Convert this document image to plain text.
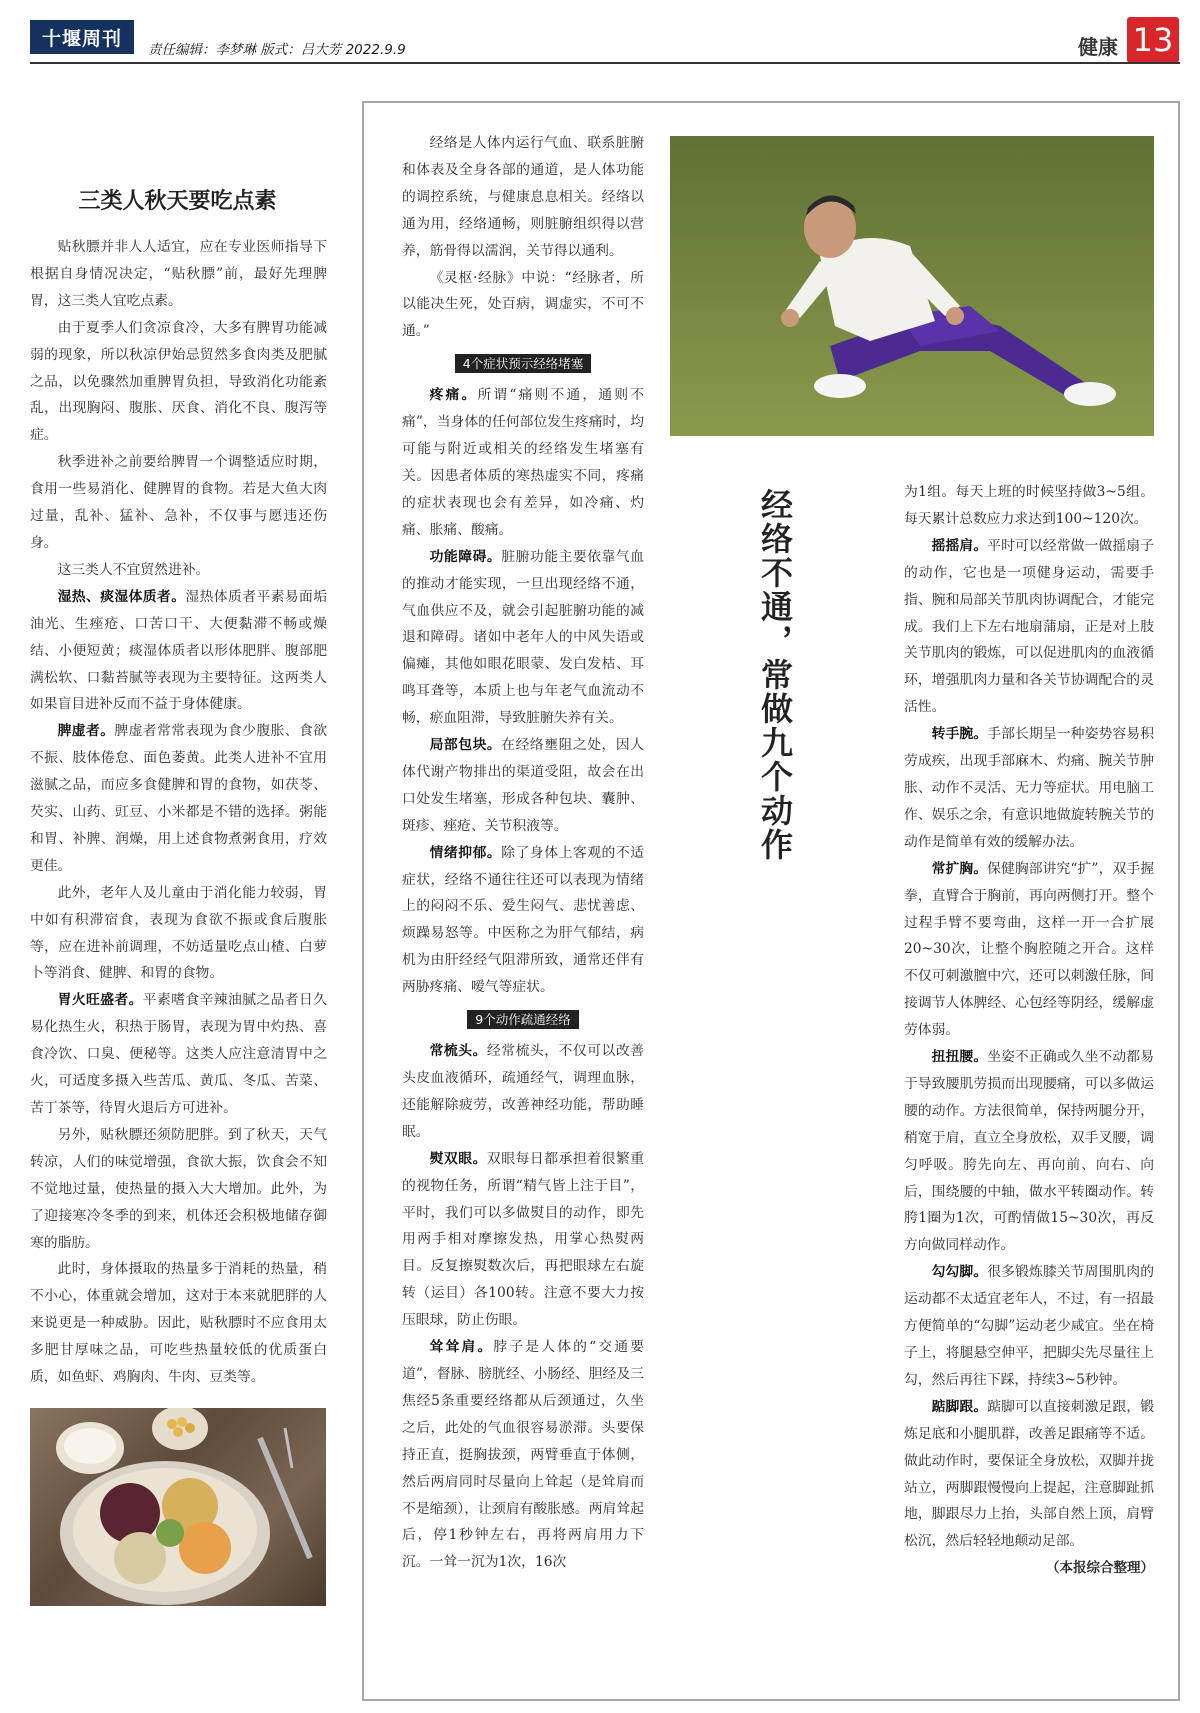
十堰周刊
责任编辑：李梦琳 版式：吕大芳 2022.9.9	健康 13
三类人秋天要吃点素

贴秋膘并非人人适宜，应在专业医师指导下根据自身情况决定，“贴秋膘”前，最好先理脾胃，这三类人宜吃点素。

由于夏季人们贪凉食冷，大多有脾胃功能减弱的现象，所以秋凉伊始忌贸然多食肉类及肥腻之品，以免骤然加重脾胃负担，导致消化功能紊乱，出现胸闷、腹胀、厌食、消化不良、腹泻等症。

秋季进补之前要给脾胃一个调整适应时期，食用一些易消化、健脾胃的食物。若是大鱼大肉过量，乱补、猛补、急补，不仅事与愿违还伤身。

这三类人不宜贸然进补。

湿热、痰湿体质者。湿热体质者平素易面垢油光、生痤疮、口苦口干、大便黏滞不畅或燥结、小便短黄；痰湿体质者以形体肥胖、腹部肥满松软、口黏苔腻等表现为主要特征。这两类人如果盲目进补反而不益于身体健康。

脾虚者。脾虚者常常表现为食少腹胀、食欲不振、肢体倦怠、面色萎黄。此类人进补不宜用滋腻之品，而应多食健脾和胃的食物，如茯苓、芡实、山药、豇豆、小米都是不错的选择。粥能和胃、补脾、润燥，用上述食物煮粥食用，疗效更佳。

此外，老年人及儿童由于消化能力较弱，胃中如有积滞宿食，表现为食欲不振或食后腹胀等，应在进补前调理，不妨适量吃点山楂、白萝卜等消食、健脾、和胃的食物。

胃火旺盛者。平素嗜食辛辣油腻之品者日久易化热生火，积热于肠胃，表现为胃中灼热、喜食冷饮、口臭、便秘等。这类人应注意清胃中之火，可适度多摄入些苦瓜、黄瓜、冬瓜、苦菜、苦丁茶等，待胃火退后方可进补。

另外，贴秋膘还须防肥胖。到了秋天，天气转凉，人们的味觉增强，食欲大振，饮食会不知不觉地过量，使热量的摄入大大增加。此外，为了迎接寒冷冬季的到来，机体还会积极地储存御寒的脂肪。

此时，身体摄取的热量多于消耗的热量，稍不小心，体重就会增加，这对于本来就肥胖的人来说更是一种威胁。因此，贴秋膘时不应食用太多肥甘厚味之品，可吃些热量较低的优质蛋白质，如鱼虾、鸡胸肉、牛肉、豆类等。

经络是人体内运行气血、联系脏腑和体表及全身各部的通道，是人体功能的调控系统，与健康息息相关。经络以通为用，经络通畅，则脏腑组织得以营养，筋骨得以濡润，关节得以通利。

《灵枢·经脉》中说：“经脉者，所以能决生死，处百病，调虚实，不可不通。”

4个症状预示经络堵塞

疼痛。所谓“痛则不通，通则不痛”，当身体的任何部位发生疼痛时，均可能与附近或相关的经络发生堵塞有关。因患者体质的寒热虚实不同，疼痛的症状表现也会有差异，如冷痛、灼痛、胀痛、酸痛。

功能障碍。脏腑功能主要依靠气血的推动才能实现，一旦出现经络不通，气血供应不及，就会引起脏腑功能的减退和障碍。诸如中老年人的中风失语或偏瘫，其他如眼花眼蒙、发白发枯、耳鸣耳聋等，本质上也与年老气血流动不畅，瘀血阻滞，导致脏腑失养有关。

局部包块。在经络壅阻之处，因人体代谢产物排出的渠道受阻，故会在出口处发生堵塞，形成各种包块、囊肿、斑疹、痤疮、关节积液等。

情绪抑郁。除了身体上客观的不适症状，经络不通往往还可以表现为情绪上的闷闷不乐、爱生闷气、悲忧善虑、烦躁易怒等。中医称之为肝气郁结，病机为由肝经经气阻滞所致，通常还伴有两胁疼痛、嗳气等症状。

9个动作疏通经络

常梳头。经常梳头，不仅可以改善头皮血液循环，疏通经气，调理血脉，还能解除疲劳，改善神经功能，帮助睡眠。

熨双眼。双眼每日都承担着很繁重的视物任务，所谓“精气皆上注于目”，平时，我们可以多做熨目的动作，即先用两手相对摩擦发热，用掌心热熨两目。反复擦熨数次后，再把眼球左右旋转（运目）各100转。注意不要大力按压眼球，防止伤眼。

耸耸肩。脖子是人体的“交通要道”，督脉、膀胱经、小肠经、胆经及三焦经5条重要经络都从后颈通过，久坐之后，此处的气血很容易淤滞。头要保持正直，挺胸拔颈，两臂垂直于体侧，然后两肩同时尽量向上耸起（是耸肩而不是缩颈），让颈肩有酸胀感。两肩耸起后，停1秒钟左右，再将两肩用力下沉。一耸一沉为1次，16次

经络不通，常做九个动作	为1组。每天上班的时候坚持做3~5组。每天累计总数应力求达到100~120次。

摇摇肩。平时可以经常做一做摇扇子的动作，它也是一项健身运动，需要手指、腕和局部关节肌肉协调配合，才能完成。我们上下左右地扇蒲扇，正是对上肢关节肌肉的锻炼，可以促进肌肉的血液循环，增强肌肉力量和各关节协调配合的灵活性。

转手腕。手部长期呈一种姿势容易积劳成疾，出现手部麻木、灼痛、腕关节肿胀、动作不灵活、无力等症状。用电脑工作、娱乐之余，有意识地做旋转腕关节的动作是简单有效的缓解办法。

常扩胸。保健胸部讲究“扩”，双手握拳，直臂合于胸前，再向两侧打开。整个过程手臂不要弯曲，这样一开一合扩展20~30次，让整个胸腔随之开合。这样不仅可刺激膻中穴，还可以刺激任脉，间接调节人体脾经、心包经等阴经，缓解虚劳体弱。

扭扭腰。坐姿不正确或久坐不动都易于导致腰肌劳损而出现腰痛，可以多做运腰的动作。方法很简单，保持两腿分开，稍宽于肩，直立全身放松，双手叉腰，调匀呼吸。胯先向左、再向前、向右、向后，围绕腰的中轴，做水平转圈动作。转胯1圈为1次，可酌情做15~30次，再反方向做同样动作。

勾勾脚。很多锻炼膝关节周围肌肉的运动都不太适宜老年人，不过，有一招最方便简单的“勾脚”运动老少咸宜。坐在椅子上，将腿悬空伸平，把脚尖先尽量往上勾，然后再往下踩，持续3~5秒钟。

踮脚跟。踮脚可以直接刺激足跟，锻炼足底和小腿肌群，改善足跟痛等不适。做此动作时，要保证全身放松，双脚并拢站立，两脚跟慢慢向上提起，注意脚趾抓地，脚跟尽力上抬，头部自然上顶，肩臂松沉，然后轻轻地颠动足部。
（本报综合整理）
